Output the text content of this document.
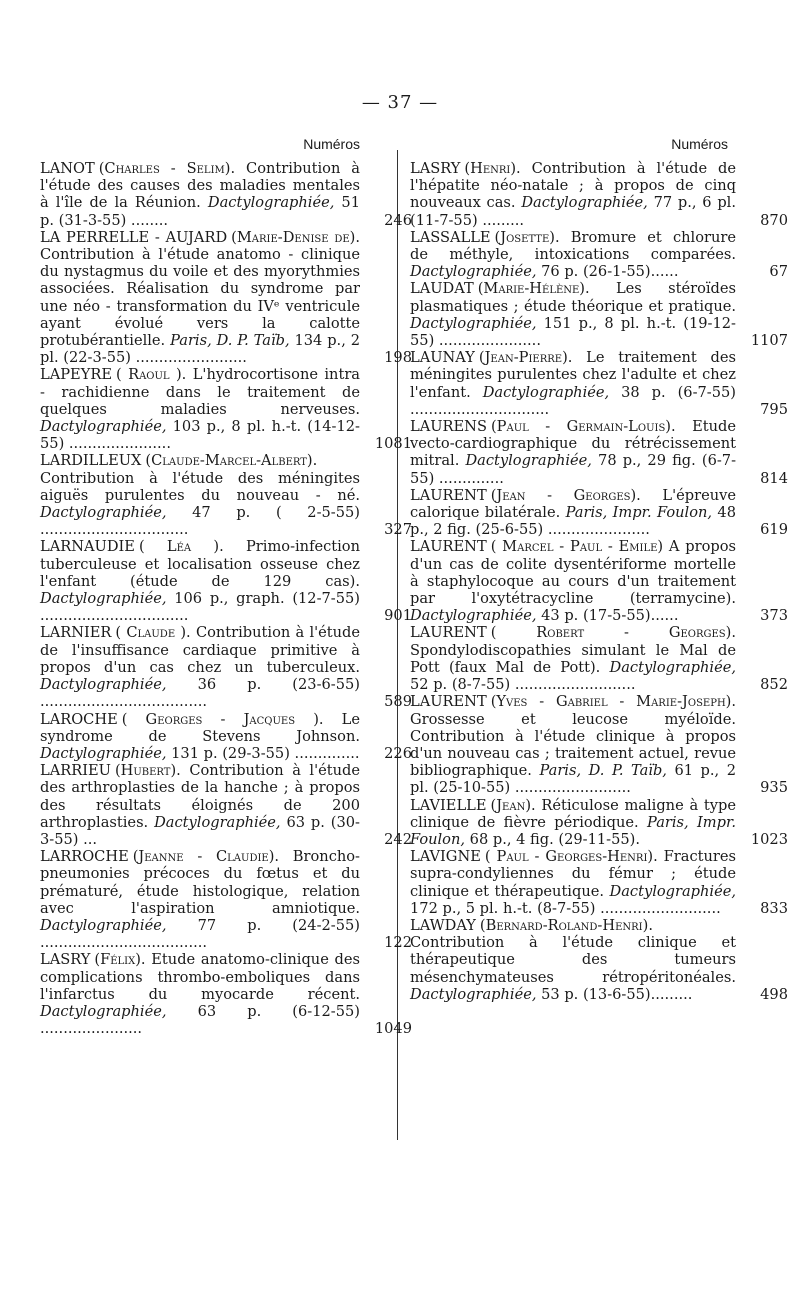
— 37 —
Numéros	Numéros
LANOT (Charles - Selim). Contribution à l'étude des causes des maladies mentales à l'île de la Réunion. Dactylographiée, 51 p. (31-3-55) ........	246
LA PERRELLE - AUJARD (Marie-Denise de). Contribution à l'étude anatomo - clinique du nystagmus du voile et des myorythmies associées. Réalisation du syndrome par une néo - transformation du IVᵉ ventricule ayant évolué vers la calotte protubérantielle. Paris, D. P. Taïb, 134 p., 2 pl. (22-3-55) ........................	198
LAPEYRE ( Raoul ). L'hydrocortisone intra - rachidienne dans le traitement de quelques maladies nerveuses. Dactylographiée, 103 p., 8 pl. h.-t. (14-12-55) ......................	1081
LARDILLEUX (Claude-Marcel-Albert). Contribution à l'étude des méningites aiguës purulentes du nouveau - né. Dactylographiée, 47 p. ( 2-5-55) ................................	327
LARNAUDIE ( Léa ). Primo-infection tuberculeuse et localisation osseuse chez l'enfant (étude de 129 cas). Dactylographiée, 106 p., graph. (12-7-55) ................................	901
LARNIER ( Claude ). Contribution à l'étude de l'insuffisance cardiaque primitive à propos d'un cas chez un tuberculeux. Dactylographiée, 36 p. (23-6-55) ....................................	589
LAROCHE ( Georges - Jacques ). Le syndrome de Stevens Johnson. Dactylographiée, 131 p. (29-3-55) ..............	226
LARRIEU (Hubert). Contribution à l'étude des arthroplasties de la hanche ; à propos des résultats éloignés de 200 arthroplasties. Dactylographiée, 63 p. (30-3-55) ...	242
LARROCHE (Jeanne - Claudie). Broncho-pneumonies précoces du fœtus et du prématuré, étude histologique, relation avec l'aspiration amniotique. Dactylographiée, 77 p. (24-2-55) ....................................	122
LASRY (Félix). Etude anatomo-clinique des complications thrombo-emboliques dans l'infarctus du myocarde récent. Dactylographiée, 63 p. (6-12-55) ......................	1049
LASRY (Henri). Contribution à l'étude de l'hépatite néo-natale ; à propos de cinq nouveaux cas. Dactylographiée, 77 p., 6 pl. (11-7-55) .........	870
LASSALLE (Josette). Bromure et chlorure de méthyle, intoxications comparées. Dactylographiée, 76 p. (26-1-55)......	67
LAUDAT (Marie-Hélène). Les stéroïdes plasmatiques ; étude théorique et pratique. Dactylographiée, 151 p., 8 pl. h.-t. (19-12-55) ......................	1107
LAUNAY (Jean-Pierre). Le traitement des méningites purulentes chez l'adulte et chez l'enfant. Dactylographiée, 38 p. (6-7-55) ..............................	795
LAURENS (Paul - Germain-Louis). Etude vecto-cardiographique du rétrécissement mitral. Dactylographiée, 78 p., 29 fig. (6-7-55) ..............	814
LAURENT (Jean - Georges). L'épreuve calorique bilatérale. Paris, Impr. Foulon, 48 p., 2 fig. (25-6-55) ......................	619
LAURENT ( Marcel - Paul - Emile) A propos d'un cas de colite dysentériforme mortelle à staphylocoque au cours d'un traitement par l'oxytétracycline (terramycine). Dactylographiée, 43 p. (17-5-55)......	373
LAURENT ( Robert - Georges). Spondylodiscopathies simulant le Mal de Pott (faux Mal de Pott). Dactylographiée, 52 p. (8-7-55) ..........................	852
LAURENT (Yves - Gabriel - Marie-Joseph). Grossesse et leucose myéloïde. Contribution à l'étude clinique à propos d'un nouveau cas ; traitement actuel, revue bibliographique. Paris, D. P. Taïb, 61 p., 2 pl. (25-10-55) .........................	935
LAVIELLE (Jean). Réticulose maligne à type clinique de fièvre périodique. Paris, Impr. Foulon, 68 p., 4 fig. (29-11-55).	1023
LAVIGNE ( Paul - Georges-Henri). Fractures supra-condyliennes du fémur ; étude clinique et thérapeutique. Dactylographiée, 172 p., 5 pl. h.-t. (8-7-55) ..........................	833
LAWDAY (Bernard-Roland-Henri). Contribution à l'étude clinique et thérapeutique des tumeurs mésenchymateuses rétropéritonéales. Dactylographiée, 53 p. (13-6-55).........	498
